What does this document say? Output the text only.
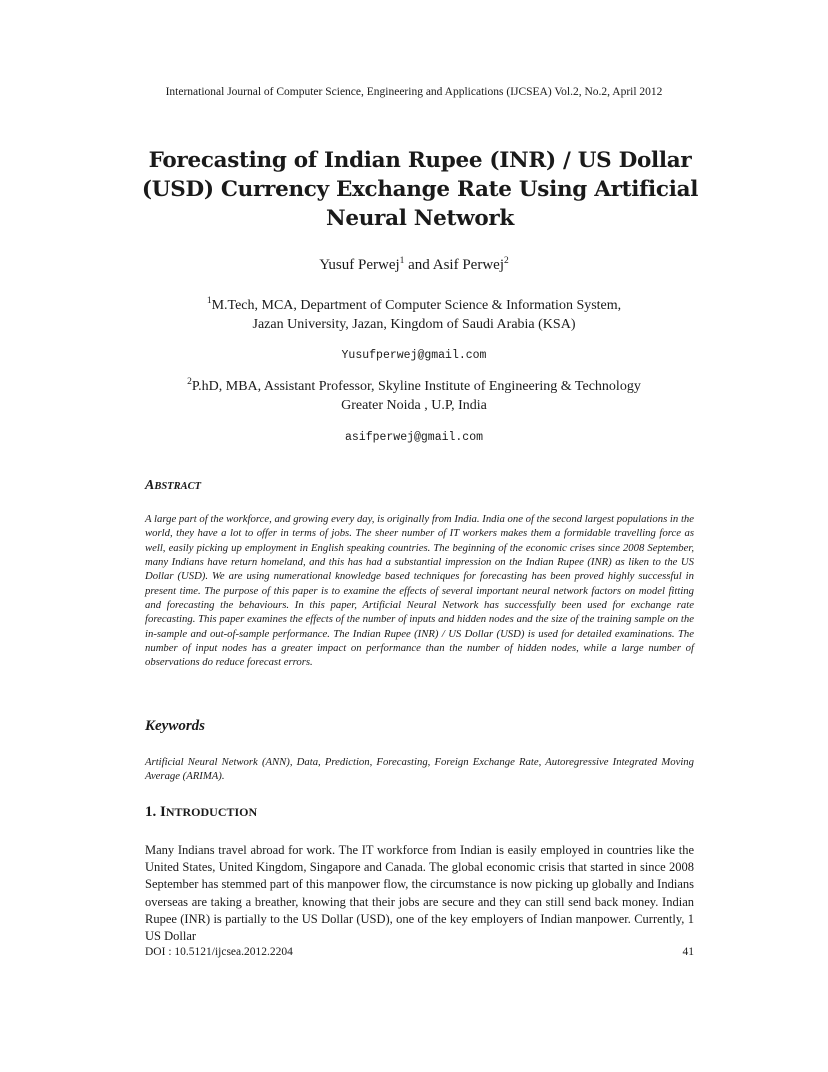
International Journal of Computer Science, Engineering and Applications (IJCSEA) Vol.2, No.2, April 2012
Forecasting of Indian Rupee (INR) / US Dollar (USD) Currency Exchange Rate Using Artificial Neural Network
Yusuf Perwej$^1$ and Asif Perwej$^2$
$^1$M.Tech, MCA, Department of Computer Science & Information System,
Jazan University, Jazan, Kingdom of Saudi Arabia (KSA)
Yusufperwej@gmail.com
$^2$P.hD, MBA, Assistant Professor, Skyline Institute of Engineering & Technology
Greater Noida , U.P, India
asifperwej@gmail.com
ABSTRACT
A large part of the workforce, and growing every day, is originally from India. India one of the second largest populations in the world, they have a lot to offer in terms of jobs. The sheer number of IT workers makes them a formidable travelling force as well, easily picking up employment in English speaking countries. The beginning of the economic crises since 2008 September, many Indians have return homeland, and this has had a substantial impression on the Indian Rupee (INR) as liken to the US Dollar (USD). We are using numerational knowledge based techniques for forecasting has been proved highly successful in present time. The purpose of this paper is to examine the effects of several important neural network factors on model fitting and forecasting the behaviours. In this paper, Artificial Neural Network has successfully been used for exchange rate forecasting. This paper examines the effects of the number of inputs and hidden nodes and the size of the training sample on the in-sample and out-of-sample performance. The Indian Rupee (INR) / US Dollar (USD) is used for detailed examinations. The number of input nodes has a greater impact on performance than the number of hidden nodes, while a large number of observations do reduce forecast errors.
Keywords
Artificial Neural Network (ANN), Data, Prediction, Forecasting, Foreign Exchange Rate, Autoregressive Integrated Moving Average (ARIMA).
1. INTRODUCTION
Many Indians travel abroad for work. The IT workforce from Indian is easily employed in countries like the United States, United Kingdom, Singapore and Canada. The global economic crisis that started in since 2008 September has stemmed part of this manpower flow, the circumstance is now picking up globally and Indians overseas are taking a breather, knowing that their jobs are secure and they can still send back money. Indian Rupee (INR) is partially to the US Dollar (USD), one of the key employers of Indian manpower. Currently, 1 US Dollar
DOI : 10.5121/ijcsea.2012.2204	41
